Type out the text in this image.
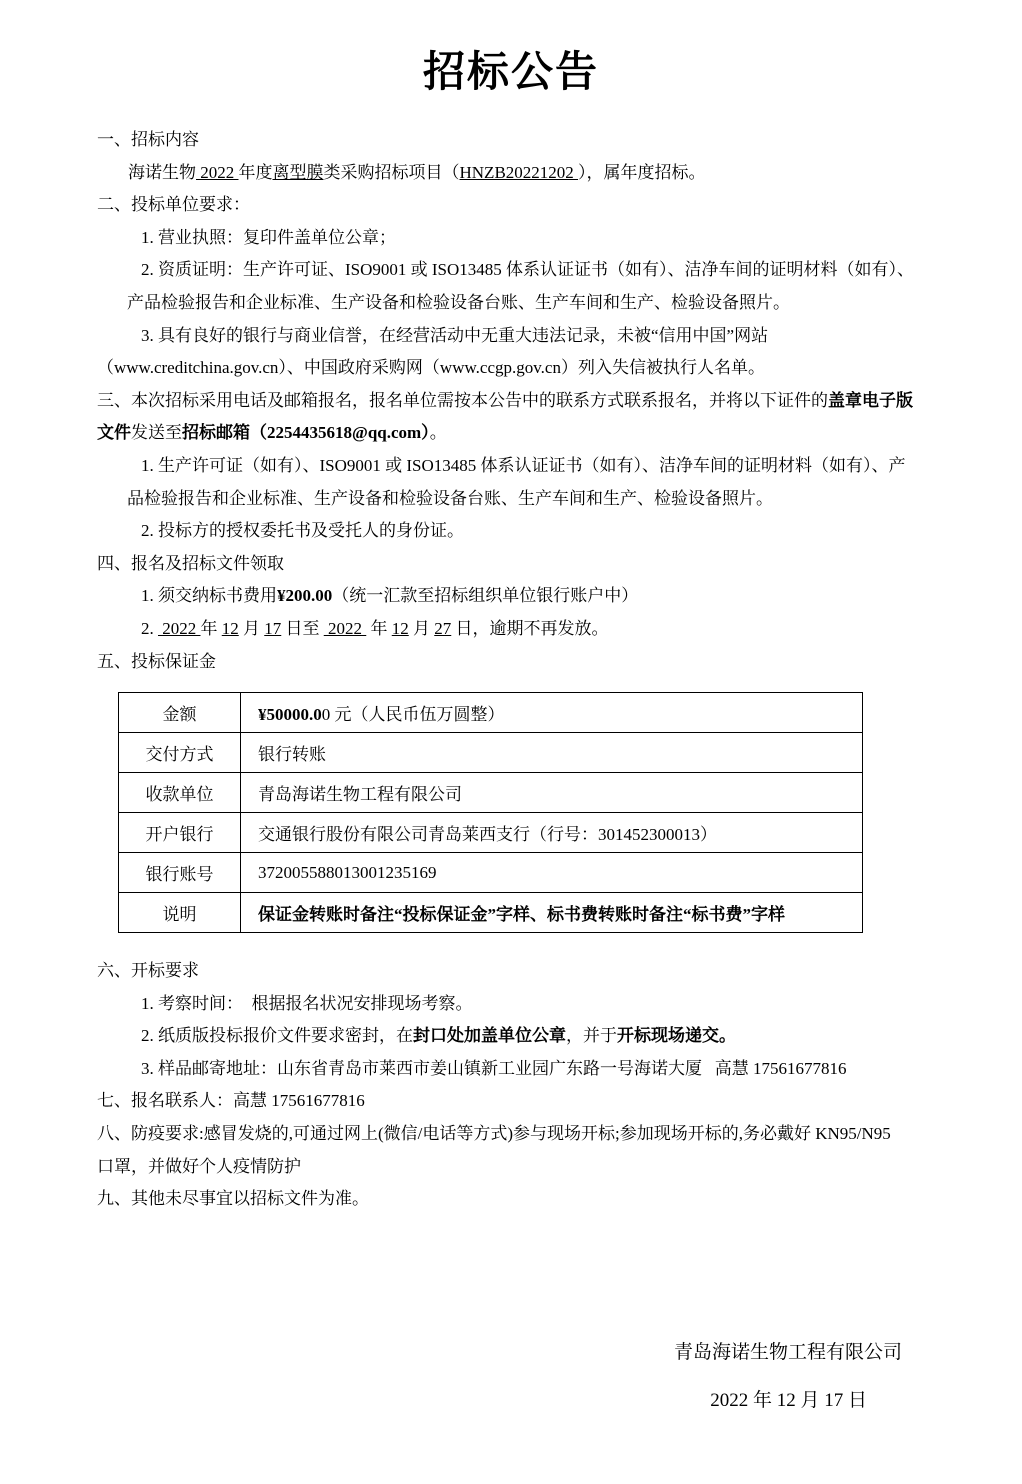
招标公告
一、招标内容
海诺生物 2022 年度离型膜类采购招标项目（HNZB20221202 ），属年度招标。
二、投标单位要求：
1. 营业执照：复印件盖单位公章；
2. 资质证明：生产许可证、ISO9001 或 ISO13485 体系认证证书（如有）、洁净车间的证明材料（如有）、
产品检验报告和企业标准、生产设备和检验设备台账、生产车间和生产、检验设备照片。
3. 具有良好的银行与商业信誉，在经营活动中无重大违法记录，未被“信用中国”网站
（www.creditchina.gov.cn）、中国政府采购网（www.ccgp.gov.cn）列入失信被执行人名单。
三、本次招标采用电话及邮箱报名，报名单位需按本公告中的联系方式联系报名，并将以下证件的盖章电子版
文件发送至招标邮箱（2254435618@qq.com）。
1. 生产许可证（如有）、ISO9001 或 ISO13485 体系认证证书（如有）、洁净车间的证明材料（如有）、产
品检验报告和企业标准、生产设备和检验设备台账、生产车间和生产、检验设备照片。
2. 投标方的授权委托书及受托人的身份证。
四、报名及招标文件领取
1. 须交纳标书费用¥200.00（统一汇款至招标组织单位银行账户中）
2.  2022 年 12 月 17 日至  2022  年 12 月 27 日，逾期不再发放。
五、投标保证金
金额	¥50000.00 元（人民币伍万圆整）
交付方式	银行转账
收款单位	青岛海诺生物工程有限公司
开户银行	交通银行股份有限公司青岛莱西支行（行号：301452300013）
银行账号	372005588013001235169
说明	保证金转账时备注“投标保证金”字样、标书费转账时备注“标书费”字样
六、开标要求
1. 考察时间：  根据报名状况安排现场考察。
2. 纸质版投标报价文件要求密封，在封口处加盖单位公章，并于开标现场递交。
3. 样品邮寄地址：山东省青岛市莱西市姜山镇新工业园广东路一号海诺大厦   高慧 17561677816
七、报名联系人：高慧 17561677816
八、防疫要求:感冒发烧的,可通过网上(微信/电话等方式)参与现场开标;参加现场开标的,务必戴好 KN95/N95
口罩，并做好个人疫情防护
九、其他未尽事宜以招标文件为准。
青岛海诺生物工程有限公司
2022 年 12 月 17 日
